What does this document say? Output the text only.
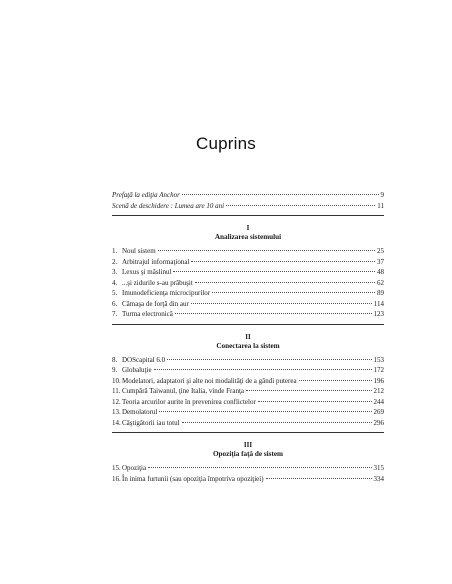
Cuprins
Prefaţă la ediţia Anchor	9
Scenă de deschidere : Lumea are 10 ani	11
I
Analizarea sistemului
1. Noul sistem	25
2. Arbitrajul informaţional	37
3. Lexus şi măslinul	48
4. ...şi zidurile s-au prăbuşit	62
5. Imunodeficienţa microcipurilor	89
6. Cămaşa de forţă din aur	114
7. Turma electronică	123
II
Conectarea la sistem
8. DOScapital 6.0	153
9. Globaluţie	172
10. Modelatori, adaptatori şi alte noi modalităţi de a gândi puterea	196
11. Cumpără Taiwanul, ţine Italia, vinde Franţa	212
12. Teoria arcurilor aurite în prevenirea conflictelor	244
13. Demolatorul	269
14. Câştigătorii iau totul	296
III
Opoziţia faţă de sistem
15. Opoziţia	315
16. În inima furtunii (sau opoziţia împotriva opoziţiei)	334
